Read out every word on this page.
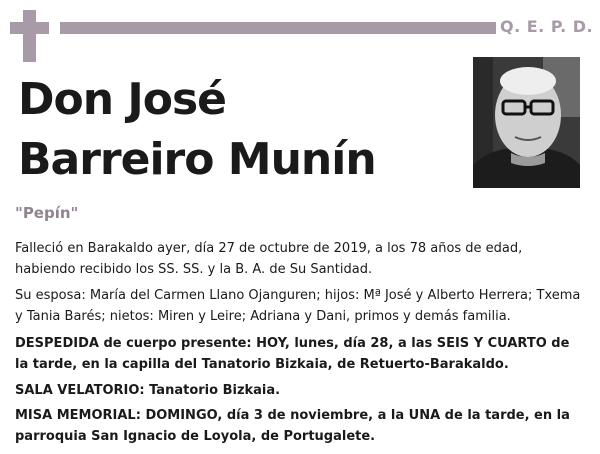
Q. E. P. D.
Don José
Barreiro Munín
"Pepín"

Falleció en Barakaldo ayer, día 27 de octubre de 2019, a los 78 años de edad, habiendo recibido los SS. SS. y la B. A. de Su Santidad.

Su esposa: María del Carmen Llano Ojanguren; hijos: Mª José y Alberto Herrera; Txema y Tania Barés; nietos: Miren y Leire; Adriana y Dani, primos y demás familia.

DESPEDIDA de cuerpo presente: HOY, lunes, día 28, a las SEIS Y CUARTO de la tarde, en la capilla del Tanatorio Bizkaia, de Retuerto-Barakaldo.

SALA VELATORIO: Tanatorio Bizkaia.

MISA MEMORIAL: DOMINGO, día 3 de noviembre, a la UNA de la tarde, en la parroquia San Ignacio de Loyola, de Portugalete.
